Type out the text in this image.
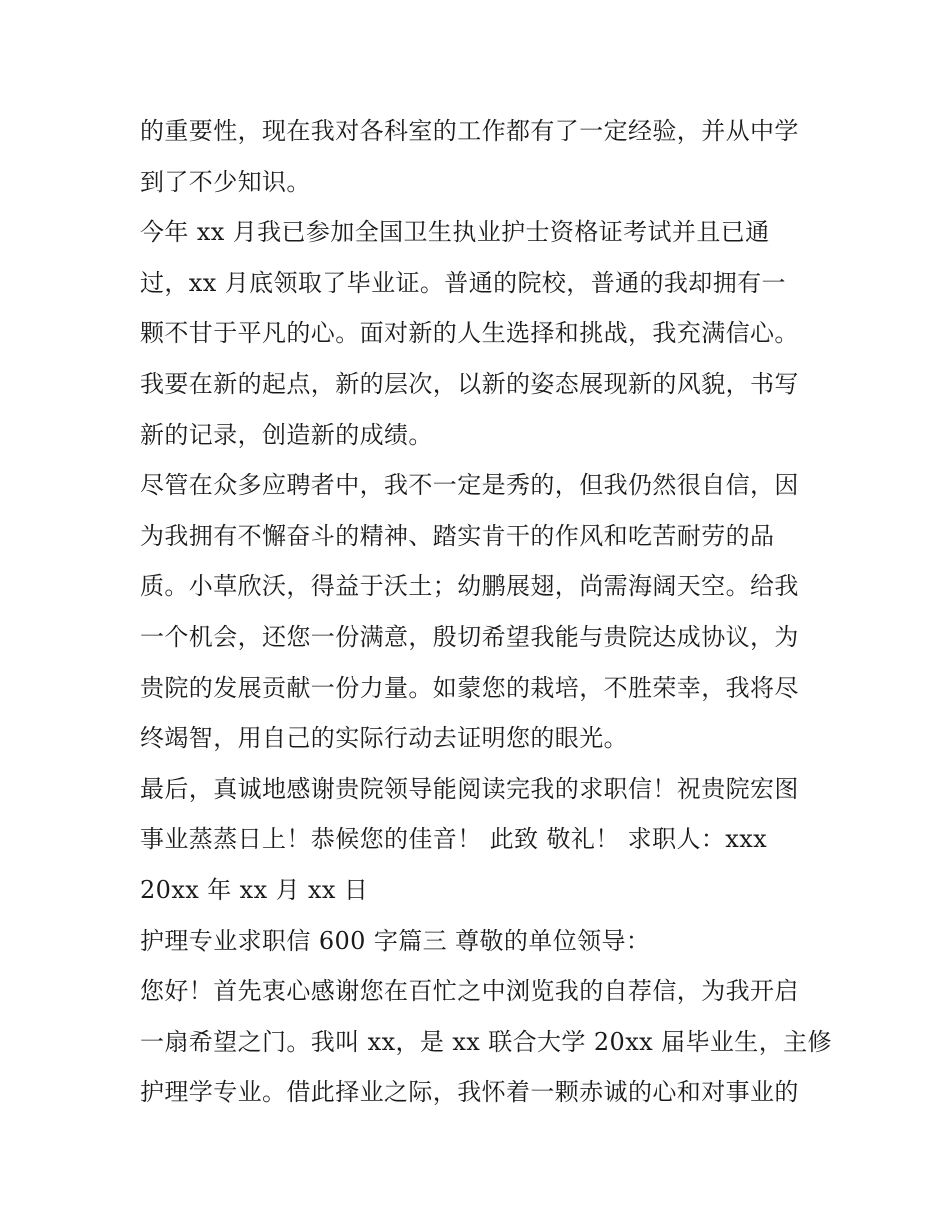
的重要性，现在我对各科室的工作都有了一定经验，并从中学
到了不少知识。
今年 xx 月我已参加全国卫生执业护士资格证考试并且已通
过，xx 月底领取了毕业证。普通的院校，普通的我却拥有一
颗不甘于平凡的心。面对新的人生选择和挑战，我充满信心。
我要在新的起点，新的层次，以新的姿态展现新的风貌，书写
新的记录，创造新的成绩。
尽管在众多应聘者中，我不一定是秀的，但我仍然很自信，因
为我拥有不懈奋斗的精神、踏实肯干的作风和吃苦耐劳的品
质。小草欣沃，得益于沃土；幼鹏展翅，尚需海阔天空。给我
一个机会，还您一份满意，殷切希望我能与贵院达成协议，为
贵院的发展贡献一份力量。如蒙您的栽培，不胜荣幸，我将尽
终竭智，用自己的实际行动去证明您的眼光。
最后，真诚地感谢贵院领导能阅读完我的求职信！祝贵院宏图
事业蒸蒸日上！恭候您的佳音！ 此致 敬礼！ 求职人：xxx
20xx 年 xx 月 xx 日
护理专业求职信 600 字篇三 尊敬的单位领导：
您好！首先衷心感谢您在百忙之中浏览我的自荐信，为我开启
一扇希望之门。我叫 xx，是 xx 联合大学 20xx 届毕业生，主修
护理学专业。借此择业之际，我怀着一颗赤诚的心和对事业的
